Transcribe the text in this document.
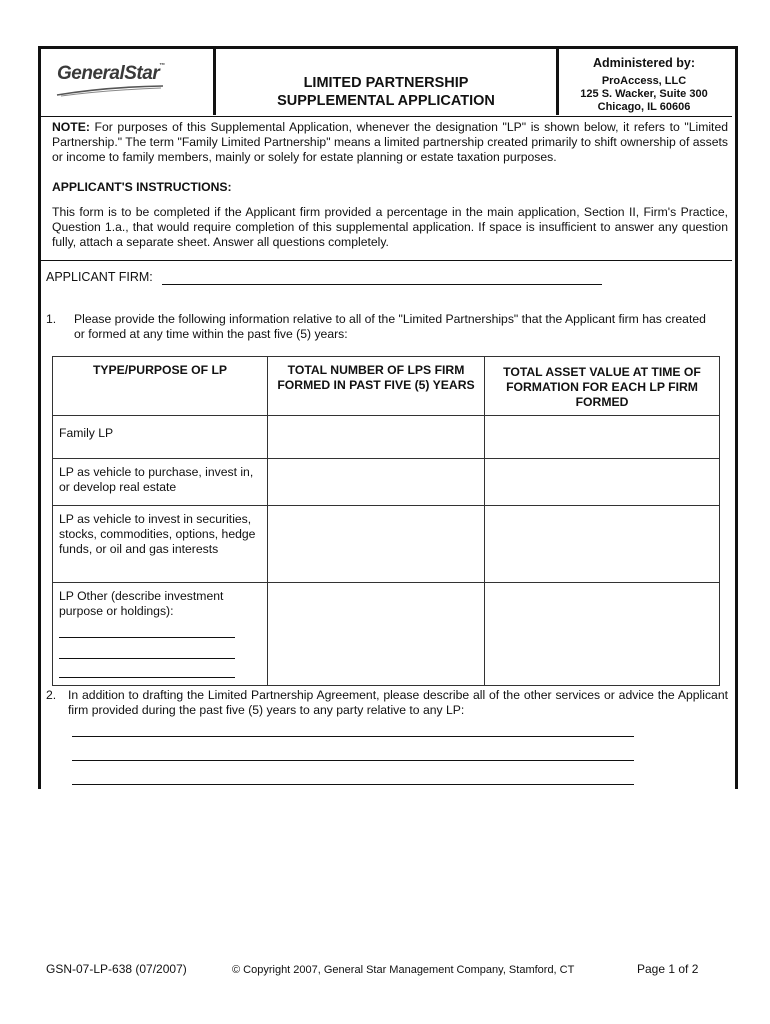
GeneralStar™
LIMITED PARTNERSHIP
SUPPLEMENTAL APPLICATION
Administered by:
ProAccess, LLC
125 S. Wacker, Suite 300
Chicago, IL 60606
NOTE: For purposes of this Supplemental Application, whenever the designation "LP" is shown below, it refers to "Limited Partnership." The term "Family Limited Partnership" means a limited partnership created primarily to shift ownership of assets or income to family members, mainly or solely for estate planning or estate taxation purposes.
APPLICANT'S INSTRUCTIONS:
This form is to be completed if the Applicant firm provided a percentage in the main application, Section II, Firm's Practice, Question 1.a., that would require completion of this supplemental application. If space is insufficient to answer any question fully, attach a separate sheet. Answer all questions completely.
APPLICANT FIRM:
1. Please provide the following information relative to all of the "Limited Partnerships" that the Applicant firm has created or formed at any time within the past five (5) years:
TYPE/PURPOSE OF LP	TOTAL NUMBER OF LPS FIRM FORMED IN PAST FIVE (5) YEARS	TOTAL ASSET VALUE AT TIME OF FORMATION FOR EACH LP FIRM FORMED
Family LP		
LP as vehicle to purchase, invest in, or develop real estate		
LP as vehicle to invest in securities, stocks, commodities, options, hedge funds, or oil and gas interests		

LP Other (describe investment purpose or holdings):		

2. In addition to drafting the Limited Partnership Agreement, please describe all of the other services or advice the Applicant firm provided during the past five (5) years to any party relative to any LP:
GSN-07-LP-638 (07/2007)	© Copyright 2007, General Star Management Company, Stamford, CT	Page 1 of 2
